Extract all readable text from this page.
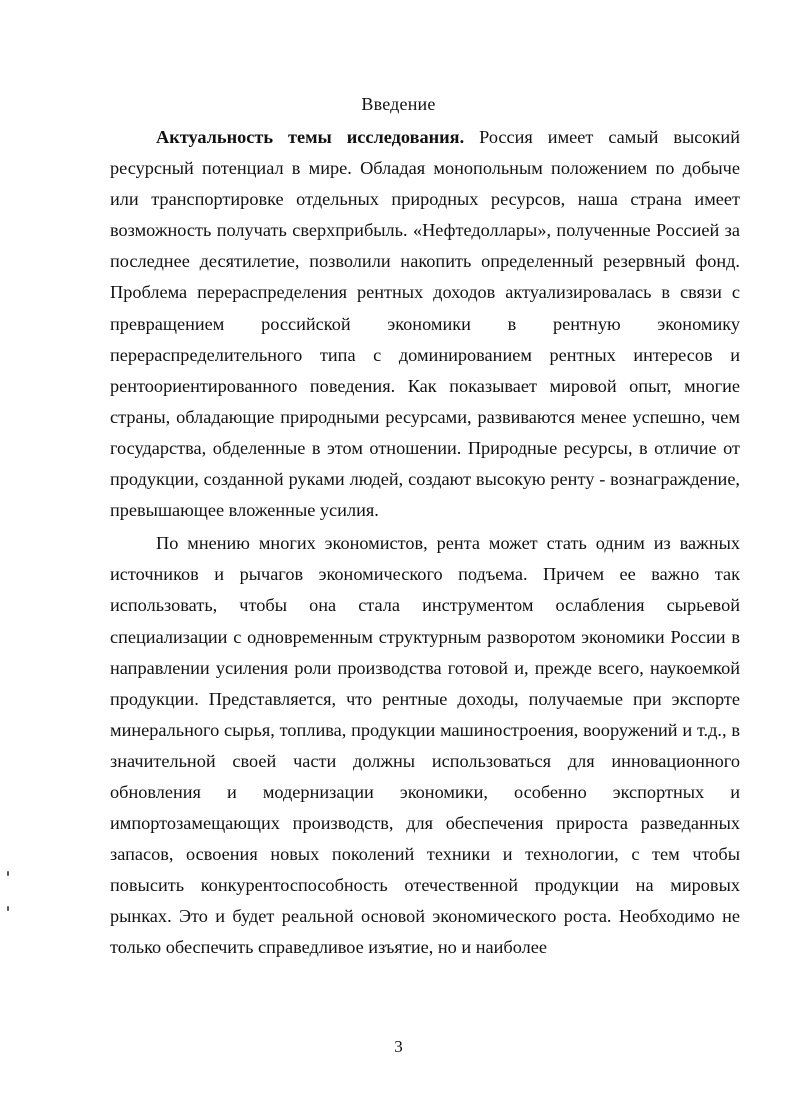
Введение

Актуальность темы исследования. Россия имеет самый высокий ресурсный потенциал в мире. Обладая монопольным положением по добыче или транспортировке отдельных природных ресурсов, наша страна имеет возможность получать сверхприбыль. «Нефтедоллары», полученные Россией за последнее десятилетие, позволили накопить определенный резервный фонд. Проблема перераспределения рентных доходов актуализировалась в связи с превращением российской экономики в рентную экономику перераспределительного типа с доминированием рентных интересов и рентоориентированного поведения. Как показывает мировой опыт, многие страны, обладающие природными ресурсами, развиваются менее успешно, чем государства, обделенные в этом отношении. Природные ресурсы, в отличие от продукции, созданной руками людей, создают высокую ренту - вознаграждение, превышающее вложенные усилия.

По мнению многих экономистов, рента может стать одним из важных источников и рычагов экономического подъема. Причем ее важно так использовать, чтобы она стала инструментом ослабления сырьевой специализации с одновременным структурным разворотом экономики России в направлении усиления роли производства готовой и, прежде всего, наукоемкой продукции. Представляется, что рентные доходы, получаемые при экспорте минерального сырья, топлива, продукции машиностроения, вооружений и т.д., в значительной своей части должны использоваться для инновационного обновления и модернизации экономики, особенно экспортных и импортозамещающих производств, для обеспечения прироста разведанных запасов, освоения новых поколений техники и технологии, с тем чтобы повысить конкурентоспособность отечественной продукции на мировых рынках. Это и будет реальной основой экономического роста. Необходимо не только обеспечить справедливое изъятие, но и наиболее

3
